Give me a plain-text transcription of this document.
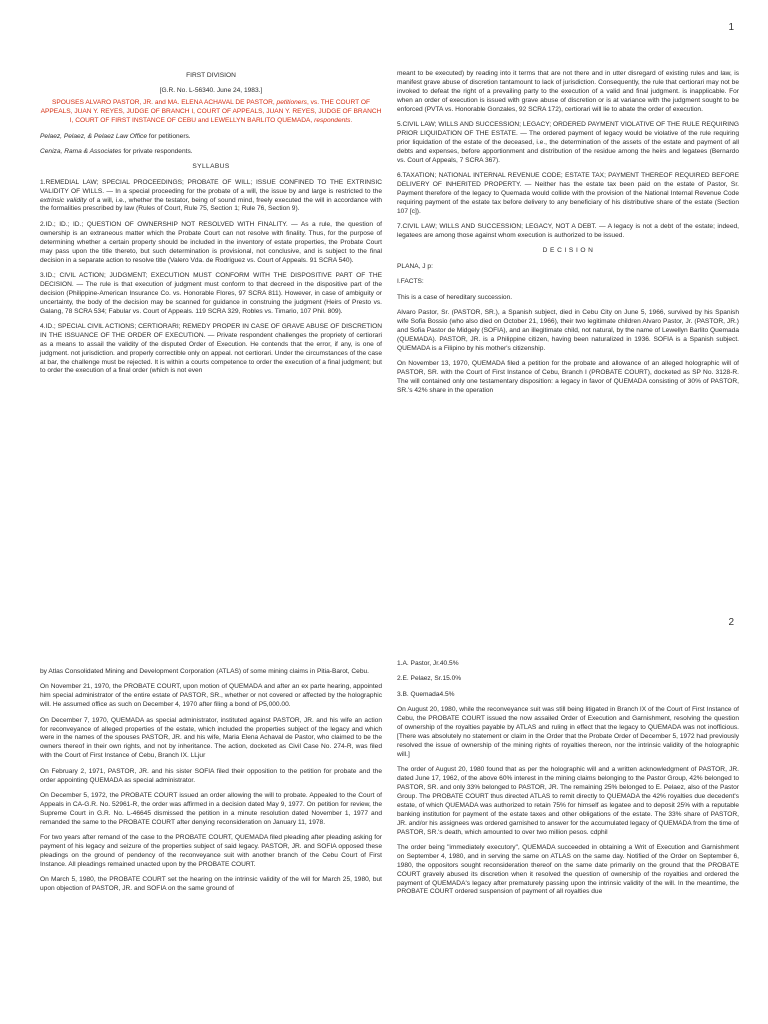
1

FIRST DIVISION

[G.R. No. L-56340. June 24, 1983.]

SPOUSES ALVARO PASTOR, JR. and MA. ELENA ACHAVAL DE PASTOR, petitioners, vs. THE COURT OF APPEALS, JUAN Y. REYES, JUDGE OF BRANCH I, COURT OF APPEALS, JUAN Y. REYES, JUDGE OF BRANCH I, COURT OF FIRST INSTANCE OF CEBU and LEWELLYN BARLITO QUEMADA, respondents.

Pelaez, Pelaez, & Pelaez Law Office for petitioners.

Ceniza, Rama & Associates for private respondents.

SYLLABUS

1.REMEDIAL LAW; SPECIAL PROCEEDINGS; PROBATE OF WILL; ISSUE CONFINED TO THE EXTRINSIC VALIDITY OF WILLS. — In a special proceeding for the probate of a will, the issue by and large is restricted to the extrinsic validity of a will, i.e., whether the testator, being of sound mind, freely executed the will in accordance with the formalities prescribed by law (Rules of Court, Rule 75, Section 1; Rule 76, Section 9).

2.ID.; ID.; ID.; QUESTION OF OWNERSHIP NOT RESOLVED WITH FINALITY. — As a rule, the question of ownership is an extraneous matter which the Probate Court can not resolve with finality. Thus, for the purpose of determining whether a certain property should be included in the inventory of estate properties, the Probate Court may pass upon the title thereto, but such determination is provisional, not conclusive, and is subject to the final decision in a separate action to resolve title (Valero Vda. de Rodriguez vs. Court of Appeals. 91 SCRA 540).

3.ID.; CIVIL ACTION; JUDGMENT; EXECUTION MUST CONFORM WITH THE DISPOSITIVE PART OF THE DECISION. — The rule is that execution of judgment must conform to that decreed in the dispositive part of the decision (Philippine-American Insurance Co. vs. Honorable Flores, 97 SCRA 811). However, in case of ambiguity or uncertainty, the body of the decision may be scanned for guidance in construing the judgment (Heirs of Presto vs. Galang, 78 SCRA 534; Fabular vs. Court of Appeals. 119 SCRA 329, Robles vs. Timario, 107 Phil. 809).

4.ID.; SPECIAL CIVIL ACTIONS; CERTIORARI; REMEDY PROPER IN CASE OF GRAVE ABUSE OF DISCRETION IN THE ISSUANCE OF THE ORDER OF EXECUTION. — Private respondent challenges the propriety of certiorari as a means to assail the validity of the disputed Order of Execution. He contends that the error, if any, is one of judgment. not jurisdiction. and properly correctible only on appeal. not certiorari. Under the circumstances of the case at bar, the challenge must be rejected. It is within a courts competence to order the execution of a final judgment; but to order the execution of a final order (which is not even

meant to be executed) by reading into it terms that are not there and in utter disregard of existing rules and law, is manifest grave abuse of discretion tantamount to lack of jurisdiction. Consequently, the rule that certiorari may not be invoked to defeat the right of a prevailing party to the execution of a valid and final judgment. is inapplicable. For when an order of execution is issued with grave abuse of discretion or is at variance with the judgment sought to be enforced (PVTA vs. Honorable Gonzales, 92 SCRA 172), certiorari will lie to abate the order of execution.

5.CIVIL LAW; WILLS AND SUCCESSION; LEGACY; ORDERED PAYMENT VIOLATIVE OF THE RULE REQUIRING PRIOR LIQUIDATION OF THE ESTATE. — The ordered payment of legacy would be violative of the rule requiring prior liquidation of the estate of the deceased, i.e., the determination of the assets of the estate and payment of all debts and expenses, before apportionment and distribution of the residue among the heirs and legatees (Bernardo vs. Court of Appeals, 7 SCRA 367).

6.TAXATION; NATIONAL INTERNAL REVENUE CODE; ESTATE TAX; PAYMENT THEREOF REQUIRED BEFORE DELIVERY OF INHERITED PROPERTY. — Neither has the estate tax been paid on the estate of Pastor, Sr. Payment therefore of the legacy to Quemada would collide with the provision of the National Internal Revenue Code requiring payment of the estate tax before delivery to any beneficiary of his distributive share of the estate (Section 107 [c]).

7.CIVIL LAW; WILLS AND SUCCESSION; LEGACY, NOT A DEBT. — A legacy is not a debt of the estate; indeed, legatees are among those against whom execution is authorized to be issued.

D E C I S I O N

PLANA, J p:

I.FACTS:

This is a case of hereditary succession.

Alvaro Pastor, Sr. (PASTOR, SR.), a Spanish subject, died in Cebu City on June 5, 1966, survived by his Spanish wife Sofia Bossio (who also died on October 21, 1966), their two legitimate children Alvaro Pastor, Jr. (PASTOR, JR.) and Sofia Pastor de Midgely (SOFIA), and an illegitimate child, not natural, by the name of Lewellyn Barlito Quemada (QUEMADA). PASTOR, JR. is a Philippine citizen, having been naturalized in 1936. SOFIA is a Spanish subject. QUEMADA is a Filipino by his mother's citizenship.

On November 13, 1970, QUEMADA filed a petition for the probate and allowance of an alleged holographic will of PASTOR, SR. with the Court of First Instance of Cebu, Branch I (PROBATE COURT), docketed as SP No. 3128-R. The will contained only one testamentary disposition: a legacy in favor of QUEMADA consisting of 30% of PASTOR, SR.'s 42% share in the operation

2

by Atlas Consolidated Mining and Development Corporation (ATLAS) of some mining claims in Pitia-Barot, Cebu.

On November 21, 1970, the PROBATE COURT, upon motion of QUEMADA and after an ex parte hearing, appointed him special administrator of the entire estate of PASTOR, SR., whether or not covered or affected by the holographic will. He assumed office as such on December 4, 1970 after filing a bond of P5,000.00.

On December 7, 1970, QUEMADA as special administrator, instituted against PASTOR, JR. and his wife an action for reconveyance of alleged properties of the estate, which included the properties subject of the legacy and which were in the names of the spouses PASTOR, JR. and his wife, Maria Elena Achaval de Pastor, who claimed to be the owners thereof in their own rights, and not by inheritance. The action, docketed as Civil Case No. 274-R, was filed with the Court of First Instance of Cebu, Branch IX. LLjur

On February 2, 1971, PASTOR, JR. and his sister SOFIA filed their opposition to the petition for probate and the order appointing QUEMADA as special administrator.

On December 5, 1972, the PROBATE COURT issued an order allowing the will to probate. Appealed to the Court of Appeals in CA-G.R. No. 52961-R, the order was affirmed in a decision dated May 9, 1977. On petition for review, the Supreme Court in G.R. No. L-46645 dismissed the petition in a minute resolution dated November 1, 1977 and remanded the same to the PROBATE COURT after denying reconsideration on January 11, 1978.

For two years after remand of the case to the PROBATE COURT, QUEMADA filed pleading after pleading asking for payment of his legacy and seizure of the properties subject of said legacy. PASTOR, JR. and SOFIA opposed these pleadings on the ground of pendency of the reconveyance suit with another branch of the Cebu Court of First Instance. All pleadings remained unacted upon by the PROBATE COURT.

On March 5, 1980, the PROBATE COURT set the hearing on the intrinsic validity of the will for March 25, 1980, but upon objection of PASTOR, JR. and SOFIA on the same ground of

1.A. Pastor, Jr.40.5%

2.E. Pelaez, Sr.15.0%

3.B. Quemada4.5%

On August 20, 1980, while the reconveyance suit was still being litigated in Branch IX of the Court of First Instance of Cebu, the PROBATE COURT issued the now assailed Order of Execution and Garnishment, resolving the question of ownership of the royalties payable by ATLAS and ruling in effect that the legacy to QUEMADA was not inofficious. [There was absolutely no statement or claim in the Order that the Probate Order of December 5, 1972 had previously resolved the issue of ownership of the mining rights of royalties thereon, nor the intrinsic validity of the holographic will.]

The order of August 20, 1980 found that as per the holographic will and a written acknowledgment of PASTOR, JR. dated June 17, 1962, of the above 60% interest in the mining claims belonging to the Pastor Group, 42% belonged to PASTOR, SR. and only 33% belonged to PASTOR, JR. The remaining 25% belonged to E. Pelaez, also of the Pastor Group. The PROBATE COURT thus directed ATLAS to remit directly to QUEMADA the 42% royalties due decedent's estate, of which QUEMADA was authorized to retain 75% for himself as legatee and to deposit 25% with a reputable banking institution for payment of the estate taxes and other obligations of the estate. The 33% share of PASTOR, JR. and/or his assignees was ordered garnished to answer for the accumulated legacy of QUEMADA from the time of PASTOR, SR.'s death, which amounted to over two million pesos. cdphil

The order being "immediately executory", QUEMADA succeeded in obtaining a Writ of Execution and Garnishment on September 4, 1980, and in serving the same on ATLAS on the same day. Notified of the Order on September 6, 1980, the oppositors sought reconsideration thereof on the same date primarily on the ground that the PROBATE COURT gravely abused its discretion when it resolved the question of ownership of the royalties and ordered the payment of QUEMADA's legacy after prematurely passing upon the intrinsic validity of the will. In the meantime, the PROBATE COURT ordered suspension of payment of all royalties due
